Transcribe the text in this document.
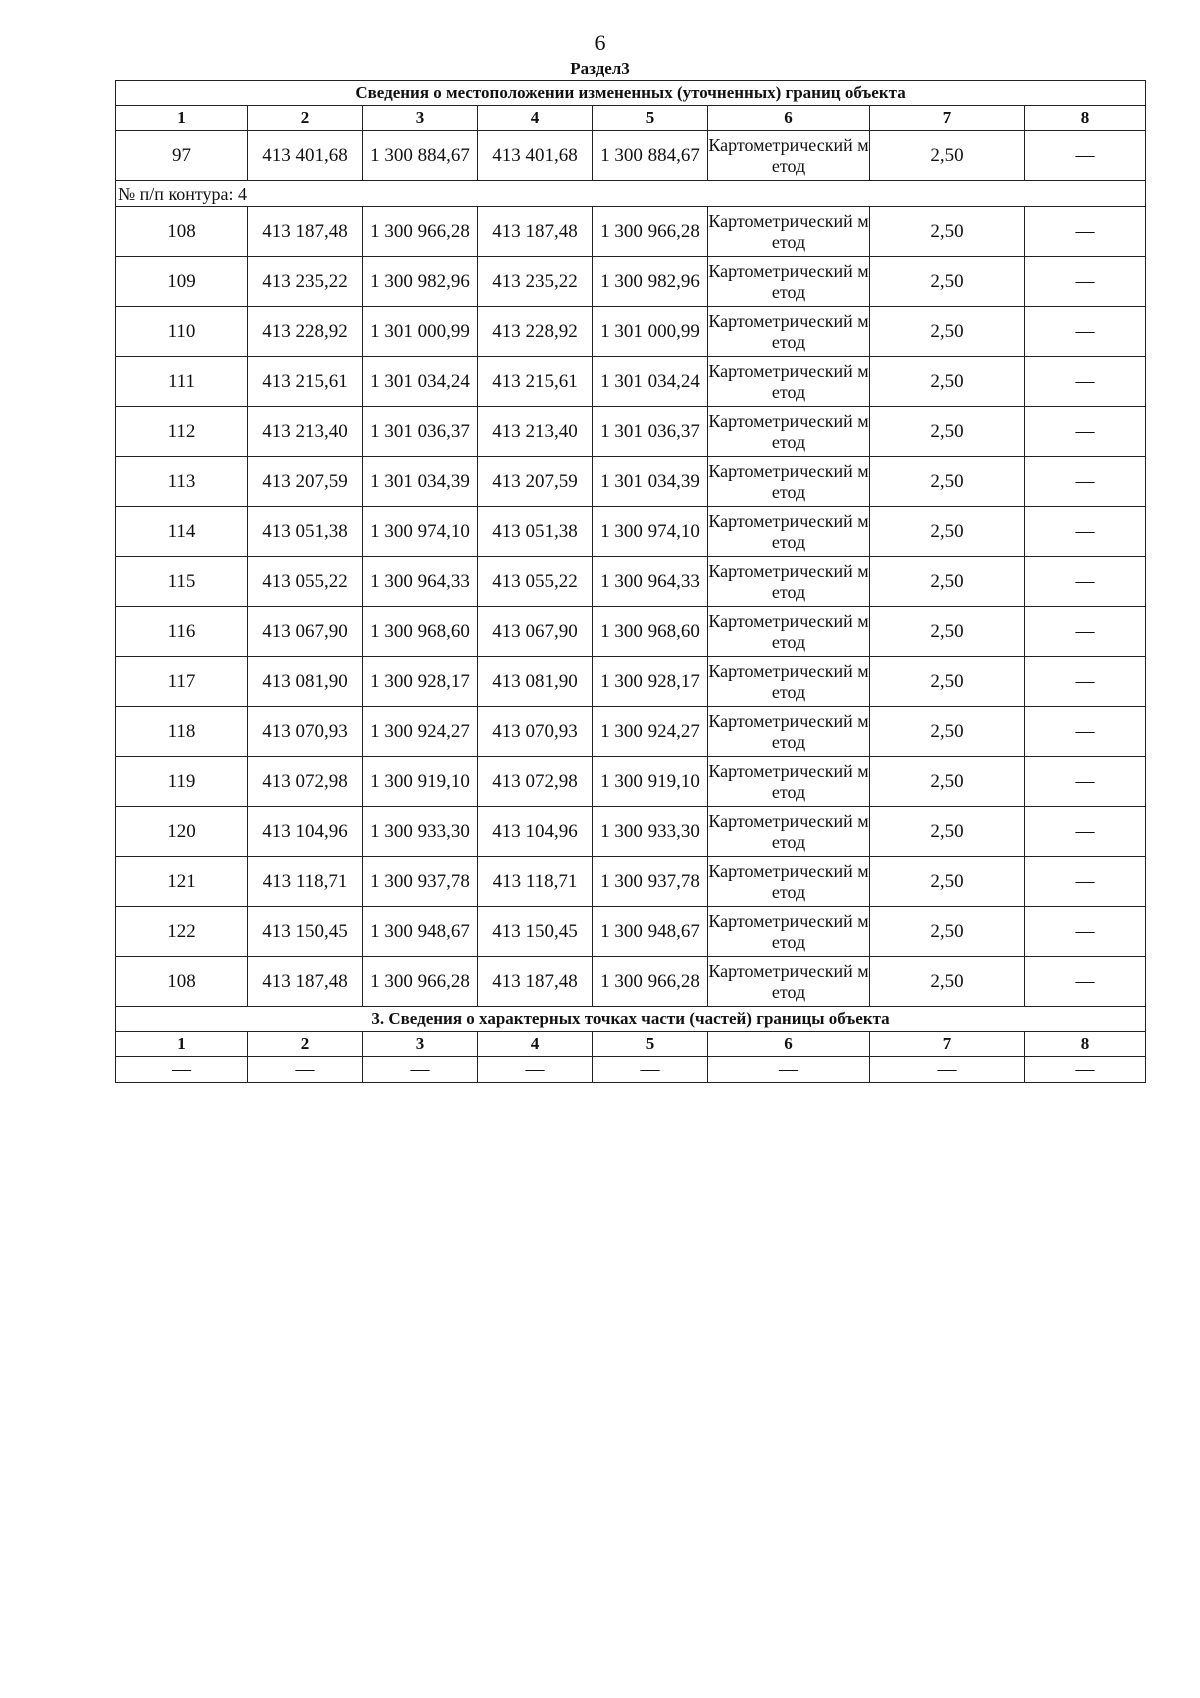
6
Раздел3
Сведения о местоположении измененных (уточненных) границ объекта							
1	2	3	4	5	6	7	8
97	413 401,68	1 300 884,67	413 401,68	1 300 884,67	Картометрический метод	2,50	—
№ п/п контура: 4							
108	413 187,48	1 300 966,28	413 187,48	1 300 966,28	Картометрический метод	2,50	—
109	413 235,22	1 300 982,96	413 235,22	1 300 982,96	Картометрический метод	2,50	—
110	413 228,92	1 301 000,99	413 228,92	1 301 000,99	Картометрический метод	2,50	—
111	413 215,61	1 301 034,24	413 215,61	1 301 034,24	Картометрический метод	2,50	—
112	413 213,40	1 301 036,37	413 213,40	1 301 036,37	Картометрический метод	2,50	—
113	413 207,59	1 301 034,39	413 207,59	1 301 034,39	Картометрический метод	2,50	—
114	413 051,38	1 300 974,10	413 051,38	1 300 974,10	Картометрический метод	2,50	—
115	413 055,22	1 300 964,33	413 055,22	1 300 964,33	Картометрический метод	2,50	—
116	413 067,90	1 300 968,60	413 067,90	1 300 968,60	Картометрический метод	2,50	—
117	413 081,90	1 300 928,17	413 081,90	1 300 928,17	Картометрический метод	2,50	—
118	413 070,93	1 300 924,27	413 070,93	1 300 924,27	Картометрический метод	2,50	—
119	413 072,98	1 300 919,10	413 072,98	1 300 919,10	Картометрический метод	2,50	—
120	413 104,96	1 300 933,30	413 104,96	1 300 933,30	Картометрический метод	2,50	—
121	413 118,71	1 300 937,78	413 118,71	1 300 937,78	Картометрический метод	2,50	—
122	413 150,45	1 300 948,67	413 150,45	1 300 948,67	Картометрический метод	2,50	—
108	413 187,48	1 300 966,28	413 187,48	1 300 966,28	Картометрический метод	2,50	—
3. Сведения о характерных точках части (частей) границы объекта							
1	2	3	4	5	6	7	8
—	—	—	—	—	—	—	—
